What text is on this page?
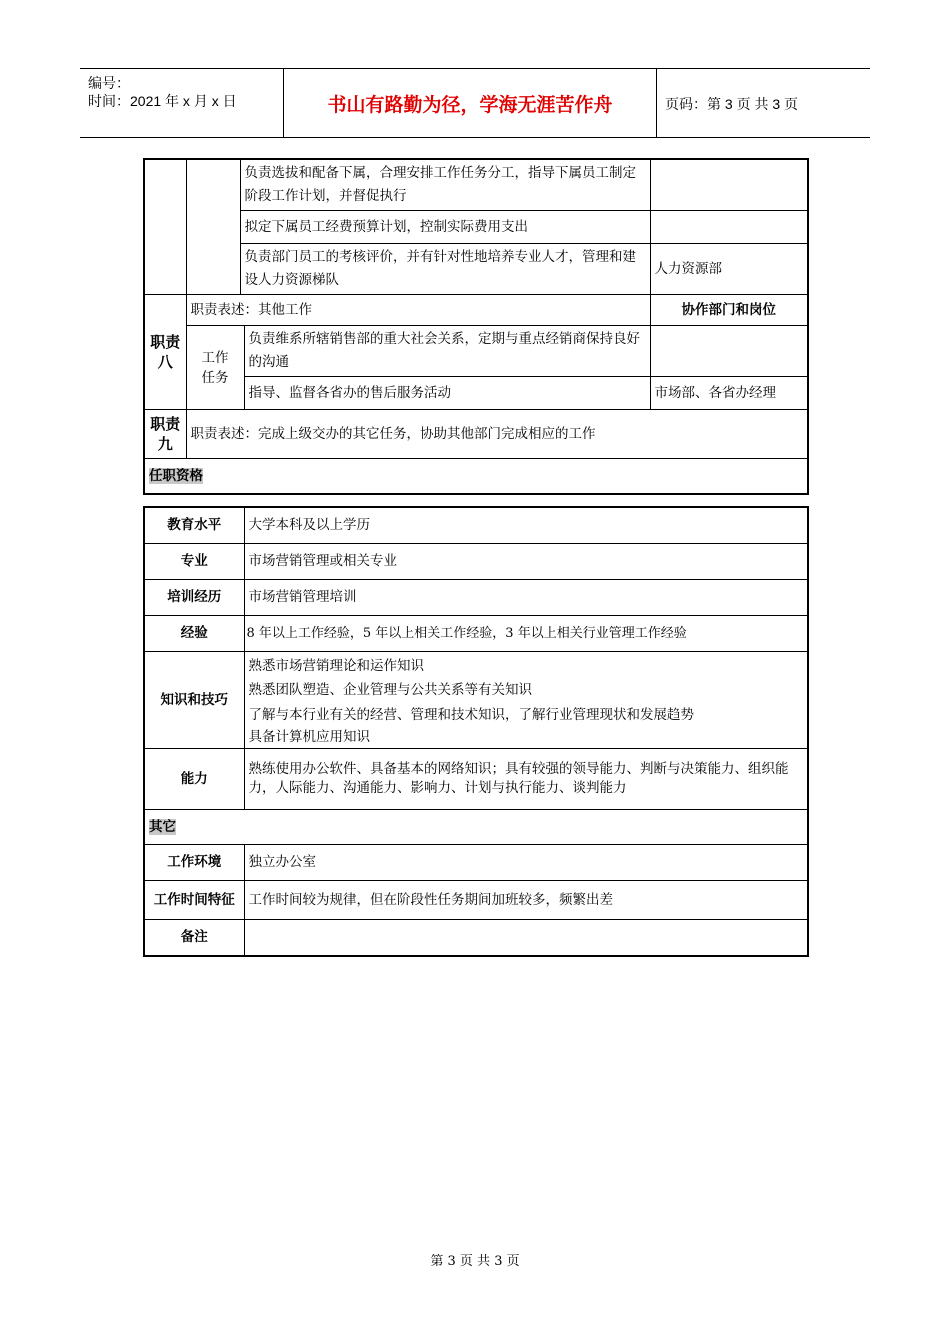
编号：
时间：2021 年 x 月 x 日	书山有路勤为径，学海无涯苦作舟	页码：第 3 页 共 3 页
		负责选拔和配备下属，合理安排工作任务分工，指导下属员工制定阶段工作计划，并督促执行		
		拟定下属员工经费预算计划，控制实际费用支出		
		负责部门员工的考核评价，并有针对性地培养专业人才，管理和建设人力资源梯队		人力资源部
职责八	职责表述：其他工作			协作部门和岗位
	工作任务		负责维系所辖销售部的重大社会关系，定期与重点经销商保持良好的沟通	
			指导、监督各省办的售后服务活动	市场部、各省办经理
职责九	职责表述：完成上级交办的其它任务，协助其他部门完成相应的工作			
任职资格				
教育水平	大学本科及以上学历
专业	市场营销管理或相关专业
培训经历	市场营销管理培训
经验	8 年以上工作经验，5 年以上相关工作经验，3 年以上相关行业管理工作经验
知识和技巧	熟悉市场营销理论和运作知识
熟悉团队塑造、企业管理与公共关系等有关知识
了解与本行业有关的经营、管理和技术知识，了解行业管理现状和发展趋势
具备计算机应用知识

能力	熟练使用办公软件、具备基本的网络知识；具有较强的领导能力、判断与决策能力、组织能力，人际能力、沟通能力、影响力、计划与执行能力、谈判能力
其它	
工作环境	独立办公室
工作时间特征	工作时间较为规律，但在阶段性任务期间加班较多，频繁出差
备注	
第 3 页 共 3 页
